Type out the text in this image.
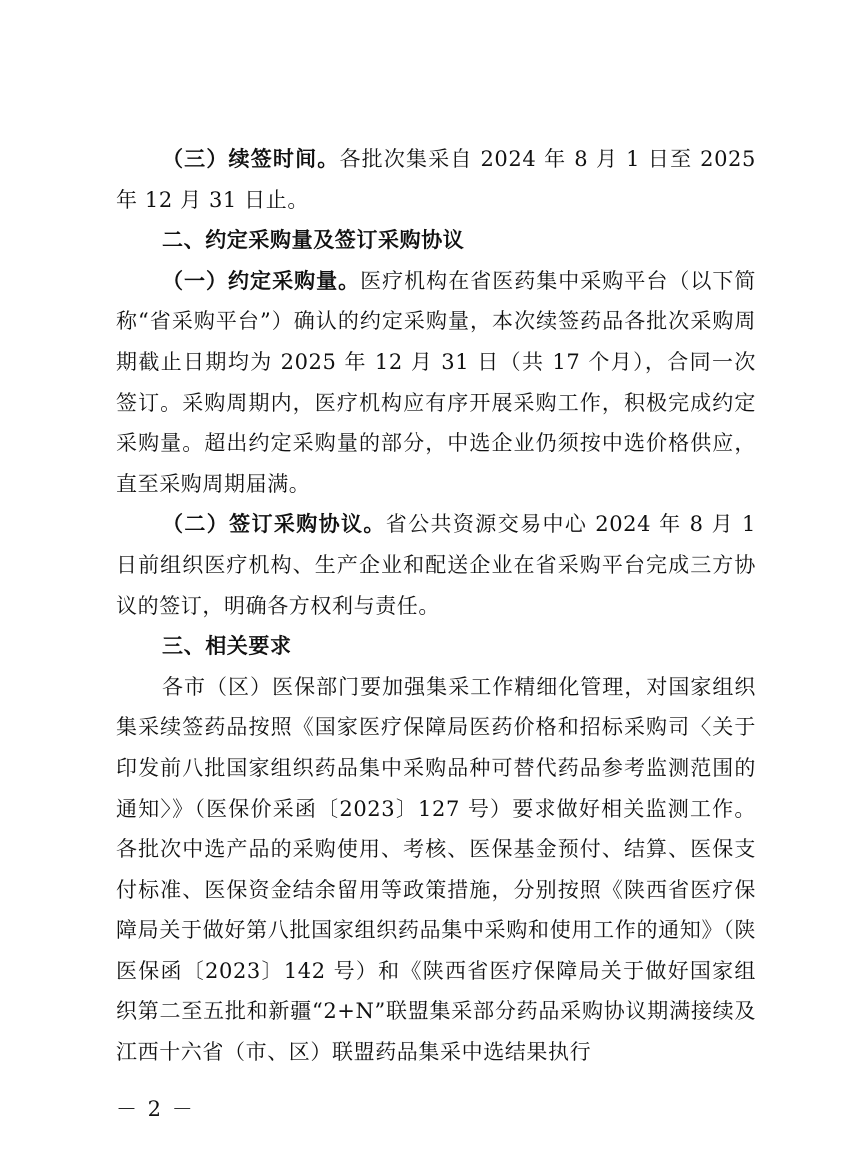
（三）续签时间。各批次集采自 2024 年 8 月 1 日至 2025 年 12 月 31 日止。

二、约定采购量及签订采购协议

（一）约定采购量。医疗机构在省医药集中采购平台（以下简称“省采购平台”）确认的约定采购量，本次续签药品各批次采购周期截止日期均为 2025 年 12 月 31 日（共 17 个月），合同一次签订。采购周期内，医疗机构应有序开展采购工作，积极完成约定采购量。超出约定采购量的部分，中选企业仍须按中选价格供应，直至采购周期届满。

（二）签订采购协议。省公共资源交易中心 2024 年 8 月 1 日前组织医疗机构、生产企业和配送企业在省采购平台完成三方协议的签订，明确各方权利与责任。

三、相关要求

各市（区）医保部门要加强集采工作精细化管理，对国家组织集采续签药品按照《国家医疗保障局医药价格和招标采购司〈关于印发前八批国家组织药品集中采购品种可替代药品参考监测范围的通知〉》（医保价采函〔2023〕127 号）要求做好相关监测工作。各批次中选产品的采购使用、考核、医保基金预付、结算、医保支付标准、医保资金结余留用等政策措施，分别按照《陕西省医疗保障局关于做好第八批国家组织药品集中采购和使用工作的通知》（陕医保函〔2023〕142 号）和《陕西省医疗保障局关于做好国家组织第二至五批和新疆“2+N”联盟集采部分药品采购协议期满接续及江西十六省（市、区）联盟药品集采中选结果执行

－ 2 －
